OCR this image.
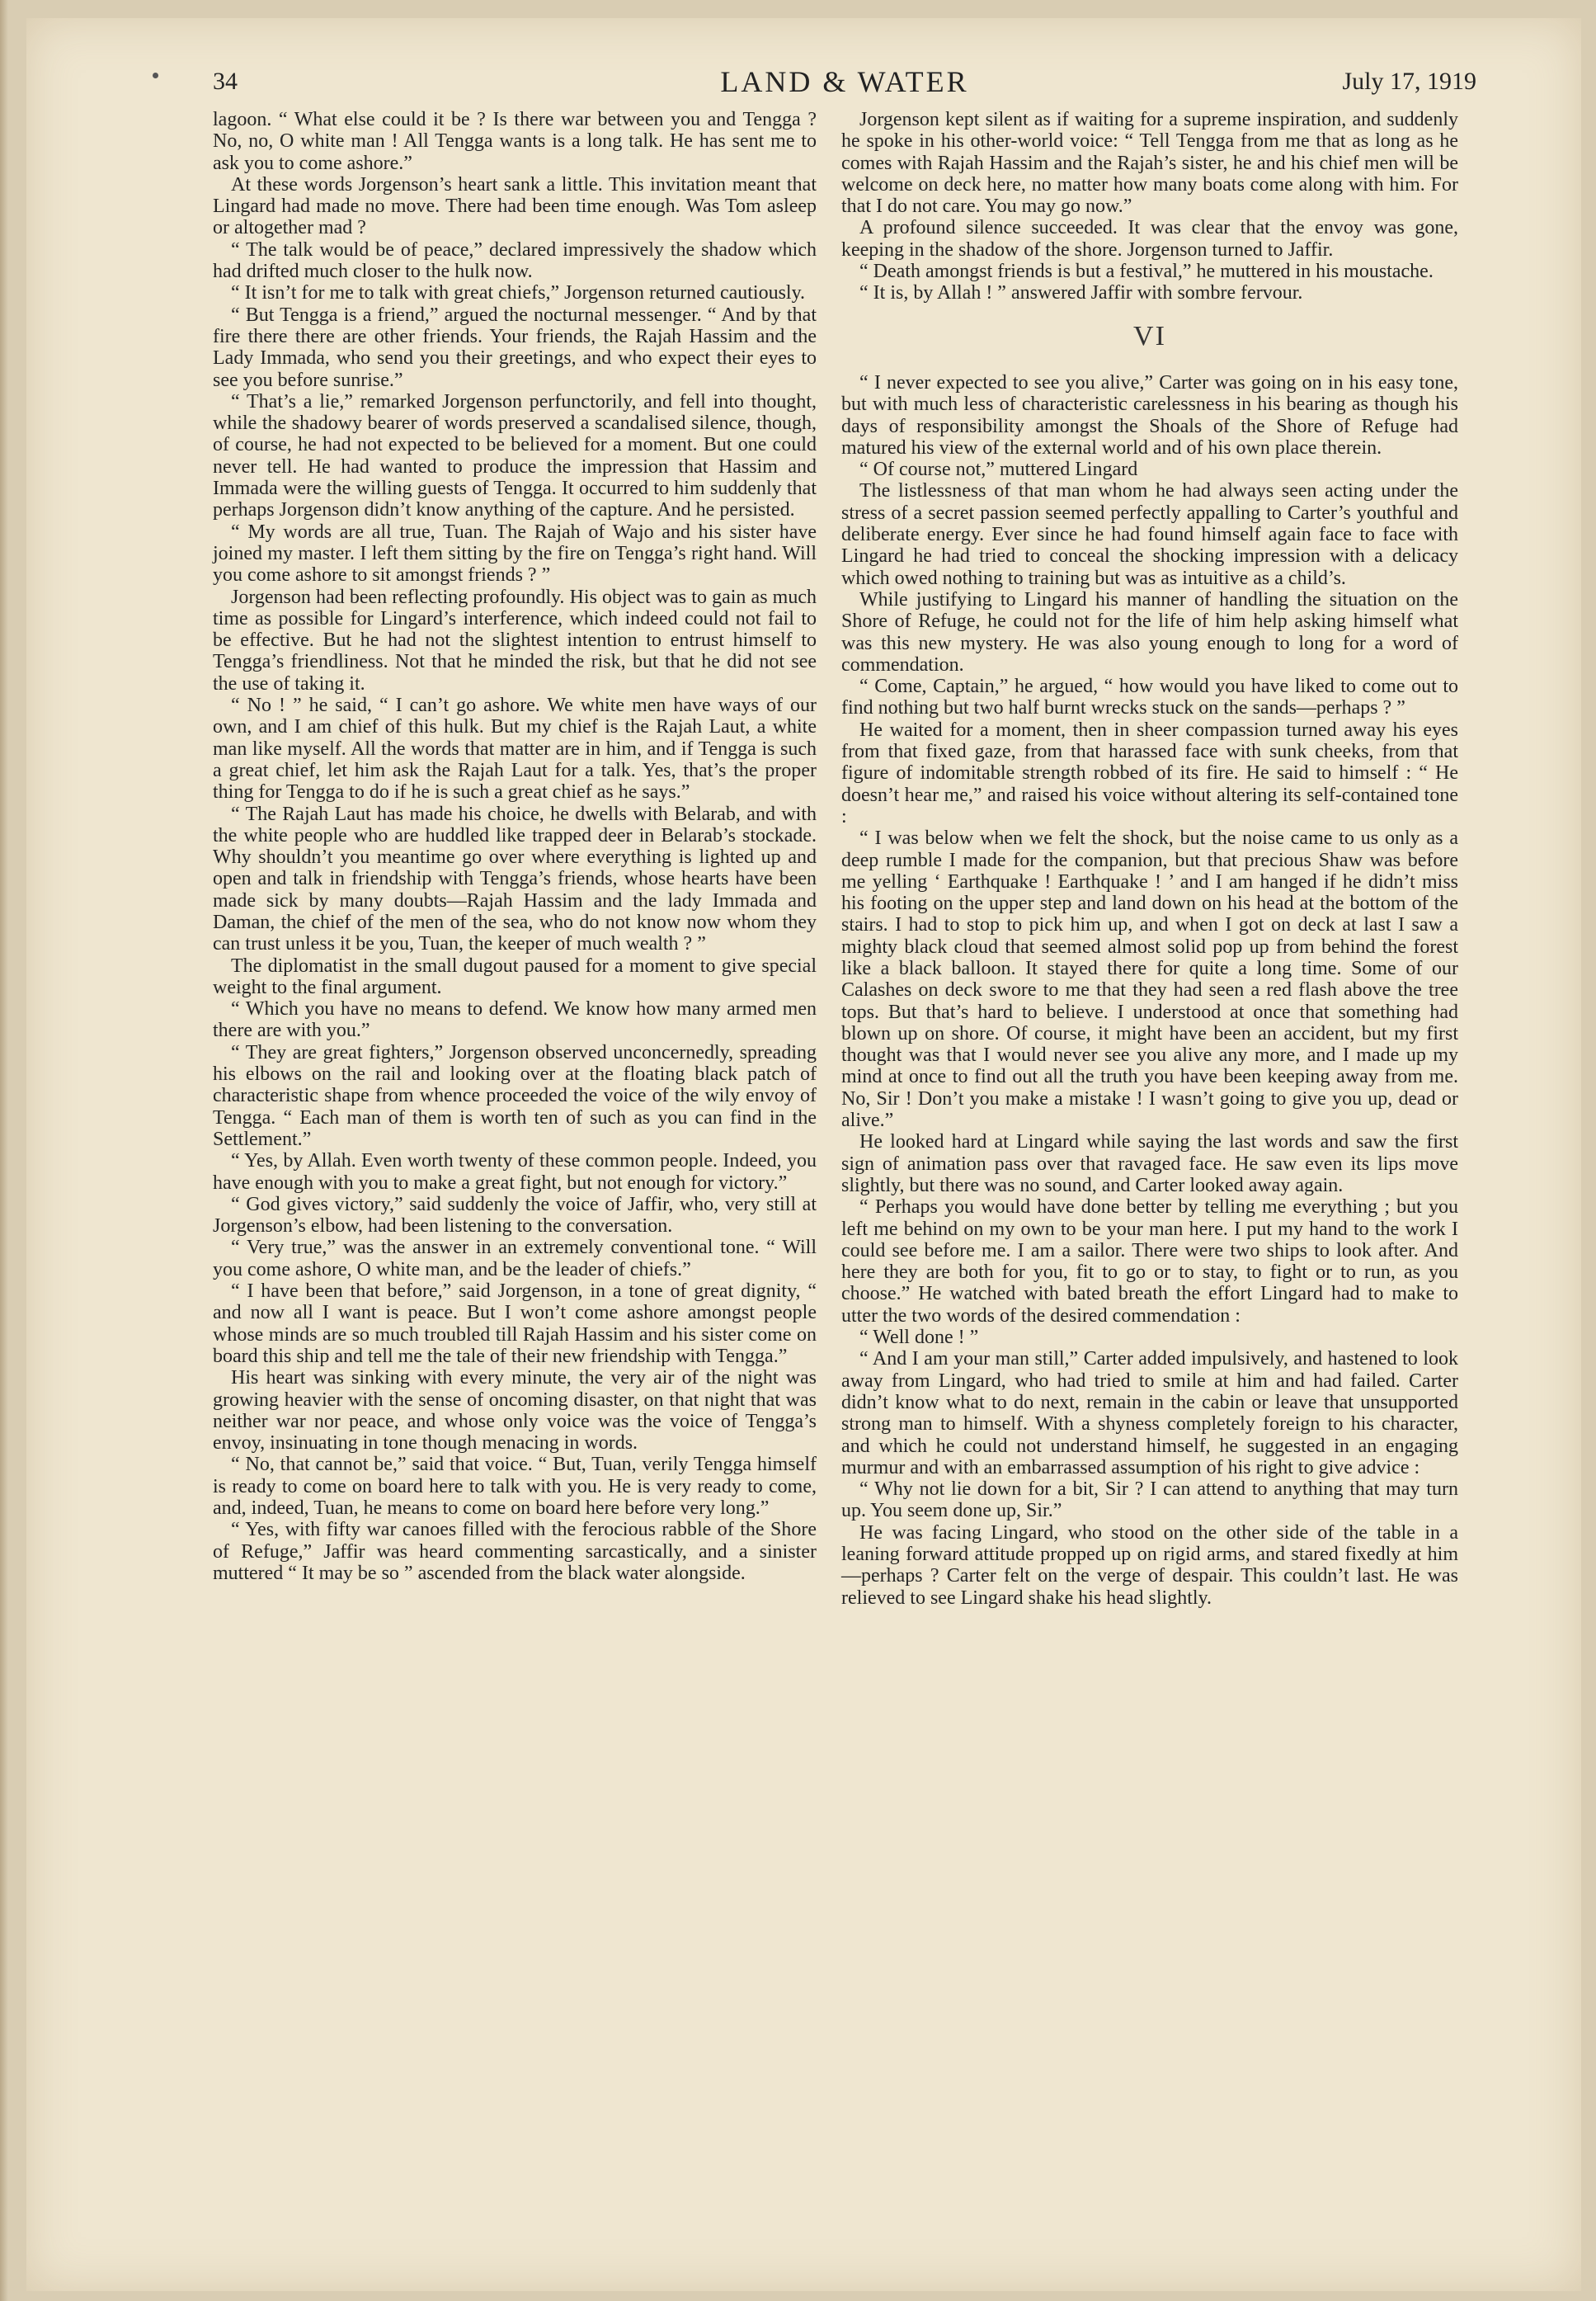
34	LAND & WATER	July 17, 1919

lagoon. “ What else could it be ? Is there war between you and Tengga ? No, no, O white man ! All Tengga wants is a long talk. He has sent me to ask you to come ashore.”

At these words Jorgenson’s heart sank a little. This invitation meant that Lingard had made no move. There had been time enough. Was Tom asleep or altogether mad ?

“ The talk would be of peace,” declared impressively the shadow which had drifted much closer to the hulk now.

“ It isn’t for me to talk with great chiefs,” Jorgenson returned cautiously.

“ But Tengga is a friend,” argued the nocturnal messenger. “ And by that fire there there are other friends. Your friends, the Rajah Hassim and the Lady Immada, who send you their greetings, and who expect their eyes to see you before sunrise.”

“ That’s a lie,” remarked Jorgenson perfunctorily, and fell into thought, while the shadowy bearer of words preserved a scandalised silence, though, of course, he had not expected to be believed for a moment. But one could never tell. He had wanted to produce the impression that Hassim and Immada were the willing guests of Tengga. It occurred to him suddenly that perhaps Jorgenson didn’t know anything of the capture. And he persisted.

“ My words are all true, Tuan. The Rajah of Wajo and his sister have joined my master. I left them sitting by the fire on Tengga’s right hand. Will you come ashore to sit amongst friends ? ”

Jorgenson had been reflecting profoundly. His object was to gain as much time as possible for Lingard’s interference, which indeed could not fail to be effective. But he had not the slightest intention to entrust himself to Tengga’s friendliness. Not that he minded the risk, but that he did not see the use of taking it.

“ No ! ” he said, “ I can’t go ashore. We white men have ways of our own, and I am chief of this hulk. But my chief is the Rajah Laut, a white man like myself. All the words that matter are in him, and if Tengga is such a great chief, let him ask the Rajah Laut for a talk. Yes, that’s the proper thing for Tengga to do if he is such a great chief as he says.”

“ The Rajah Laut has made his choice, he dwells with Belarab, and with the white people who are huddled like trapped deer in Belarab’s stockade. Why shouldn’t you meantime go over where everything is lighted up and open and talk in friendship with Tengga’s friends, whose hearts have been made sick by many doubts—Rajah Hassim and the lady Immada and Daman, the chief of the men of the sea, who do not know now whom they can trust unless it be you, Tuan, the keeper of much wealth ? ”

The diplomatist in the small dugout paused for a moment to give special weight to the final argument.

“ Which you have no means to defend. We know how many armed men there are with you.”

“ They are great fighters,” Jorgenson observed unconcernedly, spreading his elbows on the rail and looking over at the floating black patch of characteristic shape from whence proceeded the voice of the wily envoy of Tengga. “ Each man of them is worth ten of such as you can find in the Settlement.”

“ Yes, by Allah. Even worth twenty of these common people. Indeed, you have enough with you to make a great fight, but not enough for victory.”

“ God gives victory,” said suddenly the voice of Jaffir, who, very still at Jorgenson’s elbow, had been listening to the conversation.

“ Very true,” was the answer in an extremely conventional tone. “ Will you come ashore, O white man, and be the leader of chiefs.”

“ I have been that before,” said Jorgenson, in a tone of great dignity, “ and now all I want is peace. But I won’t come ashore amongst people whose minds are so much troubled till Rajah Hassim and his sister come on board this ship and tell me the tale of their new friendship with Tengga.”

His heart was sinking with every minute, the very air of the night was growing heavier with the sense of oncoming disaster, on that night that was neither war nor peace, and whose only voice was the voice of Tengga’s envoy, insinuating in tone though menacing in words.

“ No, that cannot be,” said that voice. “ But, Tuan, verily Tengga himself is ready to come on board here to talk with you. He is very ready to come, and, indeed, Tuan, he means to come on board here before very long.”

“ Yes, with fifty war canoes filled with the ferocious rabble of the Shore of Refuge,” Jaffir was heard commenting sarcastically, and a sinister muttered “ It may be so ” ascended from the black water alongside.

Jorgenson kept silent as if waiting for a supreme inspiration, and suddenly he spoke in his other-world voice: “ Tell Tengga from me that as long as he comes with Rajah Hassim and the Rajah’s sister, he and his chief men will be welcome on deck here, no matter how many boats come along with him. For that I do not care. You may go now.”

A profound silence succeeded. It was clear that the envoy was gone, keeping in the shadow of the shore. Jorgenson turned to Jaffir.

“ Death amongst friends is but a festival,” he muttered in his moustache.

“ It is, by Allah ! ” answered Jaffir with sombre fervour.

VI

“ I never expected to see you alive,” Carter was going on in his easy tone, but with much less of characteristic carelessness in his bearing as though his days of responsibility amongst the Shoals of the Shore of Refuge had matured his view of the external world and of his own place therein.

“ Of course not,” muttered Lingard

The listlessness of that man whom he had always seen acting under the stress of a secret passion seemed perfectly appalling to Carter’s youthful and deliberate energy. Ever since he had found himself again face to face with Lingard he had tried to conceal the shocking impression with a delicacy which owed nothing to training but was as intuitive as a child’s.

While justifying to Lingard his manner of handling the situation on the Shore of Refuge, he could not for the life of him help asking himself what was this new mystery. He was also young enough to long for a word of commendation.

“ Come, Captain,” he argued, “ how would you have liked to come out to find nothing but two half burnt wrecks stuck on the sands—perhaps ? ”

He waited for a moment, then in sheer compassion turned away his eyes from that fixed gaze, from that harassed face with sunk cheeks, from that figure of indomitable strength robbed of its fire. He said to himself : “ He doesn’t hear me,” and raised his voice without altering its self-contained tone :

“ I was below when we felt the shock, but the noise came to us only as a deep rumble I made for the companion, but that precious Shaw was before me yelling ‘ Earthquake ! Earthquake ! ’ and I am hanged if he didn’t miss his footing on the upper step and land down on his head at the bottom of the stairs. I had to stop to pick him up, and when I got on deck at last I saw a mighty black cloud that seemed almost solid pop up from behind the forest like a black balloon. It stayed there for quite a long time. Some of our Calashes on deck swore to me that they had seen a red flash above the tree tops. But that’s hard to believe. I understood at once that something had blown up on shore. Of course, it might have been an accident, but my first thought was that I would never see you alive any more, and I made up my mind at once to find out all the truth you have been keeping away from me. No, Sir ! Don’t you make a mistake ! I wasn’t going to give you up, dead or alive.”

He looked hard at Lingard while saying the last words and saw the first sign of animation pass over that ravaged face. He saw even its lips move slightly, but there was no sound, and Carter looked away again.

“ Perhaps you would have done better by telling me everything ; but you left me behind on my own to be your man here. I put my hand to the work I could see before me. I am a sailor. There were two ships to look after. And here they are both for you, fit to go or to stay, to fight or to run, as you choose.” He watched with bated breath the effort Lingard had to make to utter the two words of the desired commendation :

“ Well done ! ”

“ And I am your man still,” Carter added impulsively, and hastened to look away from Lingard, who had tried to smile at him and had failed. Carter didn’t know what to do next, remain in the cabin or leave that unsupported strong man to himself. With a shyness completely foreign to his character, and which he could not understand himself, he suggested in an engaging murmur and with an embarrassed assumption of his right to give advice :

“ Why not lie down for a bit, Sir ? I can attend to anything that may turn up. You seem done up, Sir.”

He was facing Lingard, who stood on the other side of the table in a leaning forward attitude propped up on rigid arms, and stared fixedly at him—perhaps ? Carter felt on the verge of despair. This couldn’t last. He was relieved to see Lingard shake his head slightly.
